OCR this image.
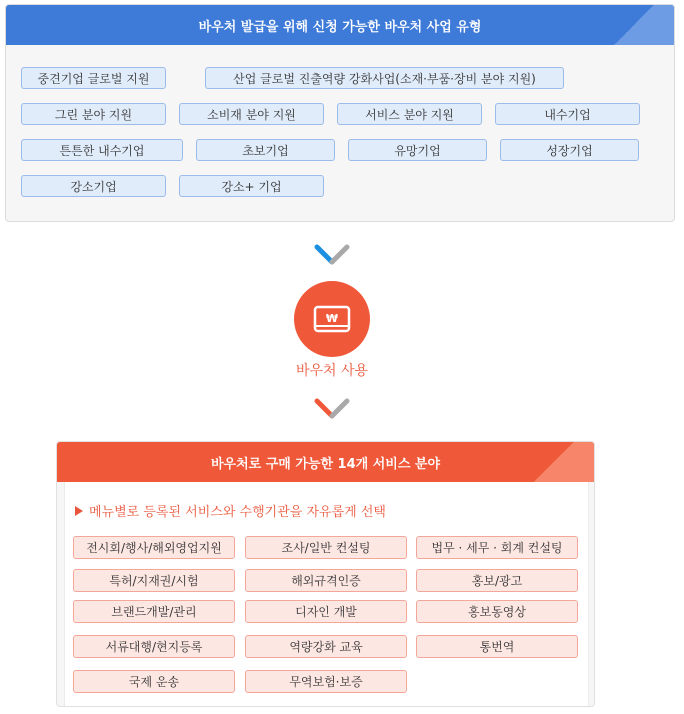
바우처 발급을 위해 신청 가능한 바우처 사업 유형
중견기업 글로벌 지원	산업 글로벌 진출역량 강화사업(소재·부품·장비 분야 지원)
그린 분야 지원	소비재 분야 지원	서비스 분야 지원	내수기업
튼튼한 내수기업	초보기업	유망기업	성장기업
강소기업	강소+ 기업
₩
바우처 사용
바우처로 구매 가능한 14개 서비스 분야
메뉴별로 등록된 서비스와 수행기관을 자유롭게 선택
전시회/행사/해외영업지원	조사/일반 컨설팅	법무 · 세무 · 회계 컨설팅
특허/지재권/시험	해외규격인증	홍보/광고
브랜드개발/관리	디자인 개발	홍보동영상
서류대행/현지등록	역량강화 교육	통번역
국제 운송	무역보험·보증
